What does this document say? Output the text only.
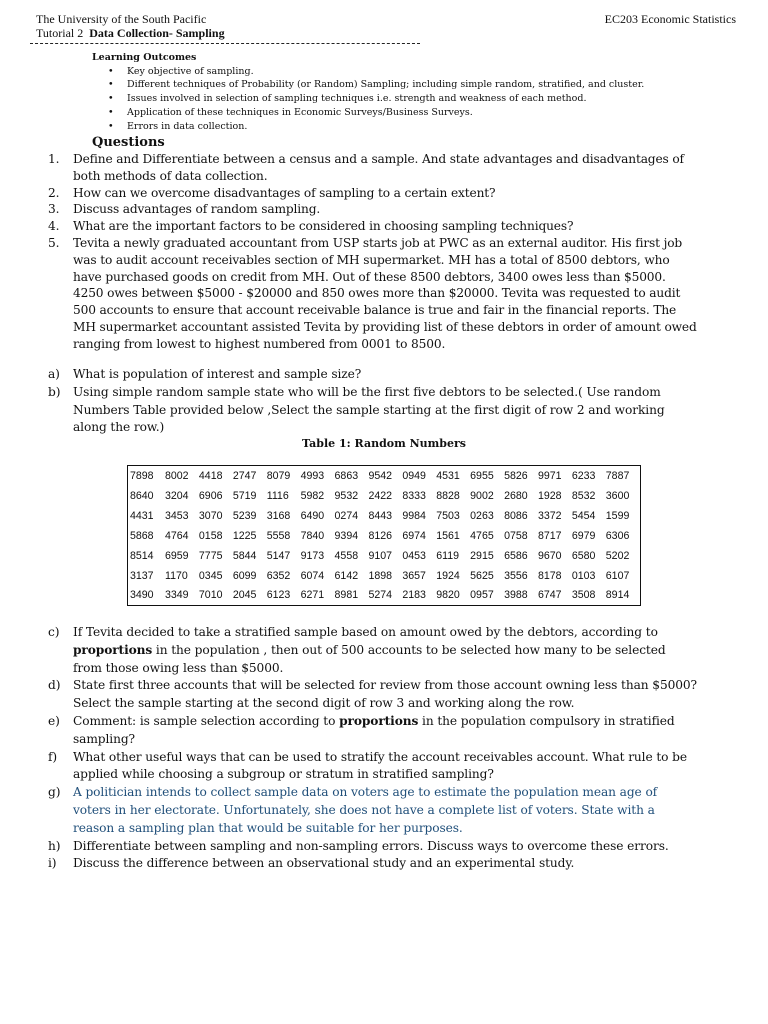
The University of the South Pacific	EC203 Economic Statistics
Tutorial 2 Data Collection- Sampling
Learning Outcomes
• Key objective of sampling.
• Different techniques of Probability (or Random) Sampling; including simple random, stratified, and cluster.
• Issues involved in selection of sampling techniques i.e. strength and weakness of each method.
• Application of these techniques in Economic Surveys/Business Surveys.
• Errors in data collection.
Questions
1.	Define and Differentiate between a census and a sample. And state advantages and disadvantages of both methods of data collection.
2.	How can we overcome disadvantages of sampling to a certain extent?
3.	Discuss advantages of random sampling.
4.	What are the important factors to be considered in choosing sampling techniques?
5.	Tevita a newly graduated accountant from USP starts job at PWC as an external auditor. His first job was to audit account receivables section of MH supermarket. MH has a total of 8500 debtors, who have purchased goods on credit from MH. Out of these 8500 debtors, 3400 owes less than $5000. 4250 owes between $5000 - $20000 and 850 owes more than $20000. Tevita was requested to audit 500 accounts to ensure that account receivable balance is true and fair in the financial reports. The MH supermarket accountant assisted Tevita by providing list of these debtors in order of amount owed ranging from lowest to highest numbered from 0001 to 8500.
a)	What is population of interest and sample size?
b)	Using simple random sample state who will be the first five debtors to be selected.( Use random Numbers Table provided below ,Select the sample starting at the first digit of row 2 and working along the row.)
Table 1: Random Numbers
7898	8002	4418	2747	8079	4993	6863	9542	0949	4531	6955	5826	9971	6233	7887
8640	3204	6906	5719	1116	5982	9532	2422	8333	8828	9002	2680	1928	8532	3600
4431	3453	3070	5239	3168	6490	0274	8443	9984	7503	0263	8086	3372	5454	1599
5868	4764	0158	1225	5558	7840	9394	8126	6974	1561	4765	0758	8717	6979	6306
8514	6959	7775	5844	5147	9173	4558	9107	0453	6119	2915	6586	9670	6580	5202
3137	1170	0345	6099	6352	6074	6142	1898	3657	1924	5625	3556	8178	0103	6107
3490	3349	7010	2045	6123	6271	8981	5274	2183	9820	0957	3988	6747	3508	8914
c)	If Tevita decided to take a stratified sample based on amount owed by the debtors, according to proportions in the population , then out of 500 accounts to be selected how many to be selected from those owing less than $5000.
d)	State first three accounts that will be selected for review from those account owning less than $5000? Select the sample starting at the second digit of row 3 and working along the row.
e)	Comment: is sample selection according to proportions in the population compulsory in stratified sampling?
f)	What other useful ways that can be used to stratify the account receivables account. What rule to be applied while choosing a subgroup or stratum in stratified sampling?
g)	A politician intends to collect sample data on voters age to estimate the population mean age of voters in her electorate. Unfortunately, she does not have a complete list of voters. State with a reason a sampling plan that would be suitable for her purposes.
h)	Differentiate between sampling and non-sampling errors. Discuss ways to overcome these errors.
i)	Discuss the difference between an observational study and an experimental study.
